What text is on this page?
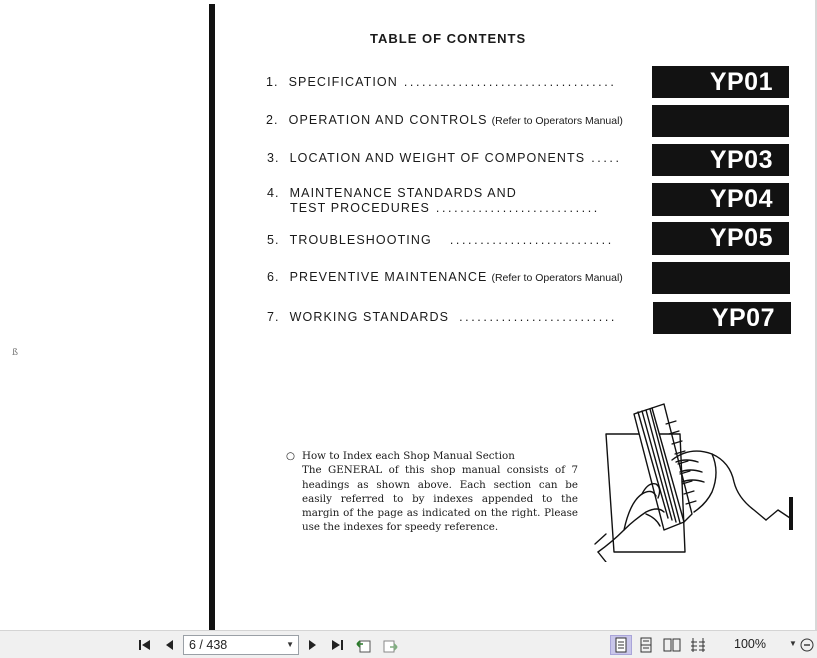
ß
TABLE OF CONTENTS
1. SPECIFICATION ...................................	YP01
2. OPERATION AND CONTROLS (Refer to Operators Manual)
3. LOCATION AND WEIGHT OF COMPONENTS .....	YP03
4. MAINTENANCE STANDARDS AND
TEST PROCEDURES ...........................	YP04
5. TROUBLESHOOTING ...........................	YP05
6. PREVENTIVE MAINTENANCE (Refer to Operators Manual)
7. WORKING STANDARDS ..........................	YP07
○ How to Index each Shop Manual Section
The GENERAL of this shop manual consists of 7 headings as shown above. Each section can be easily referred to by indexes appended to the margin of the page as indicated on the right. Please use the indexes for speedy reference.
6 / 438	▼	100%	▼
